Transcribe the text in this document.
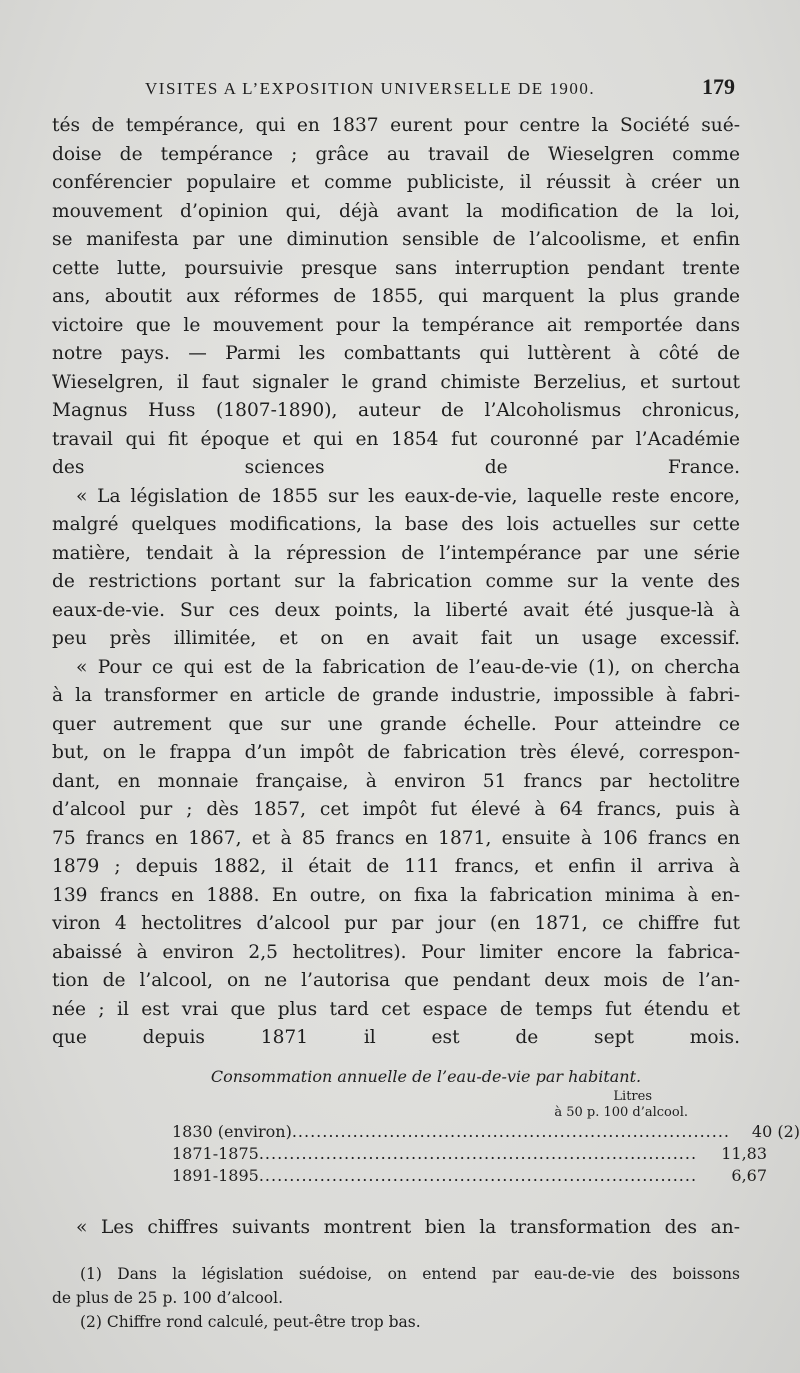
VISITES A L’EXPOSITION UNIVERSELLE DE 1900.	179

tés de tempérance, qui en 1837 eurent pour centre la Société sué-
doise de tempérance ; grâce au travail de Wieselgren comme
conférencier populaire et comme publiciste, il réussit à créer un
mouvement d’opinion qui, déjà avant la modification de la loi,
se manifesta par une diminution sensible de l’alcoolisme, et enfin
cette lutte, poursuivie presque sans interruption pendant trente
ans, aboutit aux réformes de 1855, qui marquent la plus grande
victoire que le mouvement pour la tempérance ait remportée dans
notre pays. — Parmi les combattants qui luttèrent à côté de
Wieselgren, il faut signaler le grand chimiste Berzelius, et surtout
Magnus Huss (1807-1890), auteur de l’Alcoholismus chronicus,
travail qui fit époque et qui en 1854 fut couronné par l’Académie
des sciences de France.

« La législation de 1855 sur les eaux-de-vie, laquelle reste encore,
malgré quelques modifications, la base des lois actuelles sur cette
matière, tendait à la répression de l’intempérance par une série
de restrictions portant sur la fabrication comme sur la vente des
eaux-de-vie. Sur ces deux points, la liberté avait été jusque-là à
peu près illimitée, et on en avait fait un usage excessif.

« Pour ce qui est de la fabrication de l’eau-de-vie (1), on chercha
à la transformer en article de grande industrie, impossible à fabri-
quer autrement que sur une grande échelle. Pour atteindre ce
but, on le frappa d’un impôt de fabrication très élevé, correspon-
dant, en monnaie française, à environ 51 francs par hectolitre
d’alcool pur ; dès 1857, cet impôt fut élevé à 64 francs, puis à
75 francs en 1867, et à 85 francs en 1871, ensuite à 106 francs en
1879 ; depuis 1882, il était de 111 francs, et enfin il arriva à
139 francs en 1888. En outre, on fixa la fabrication minima à en-
viron 4 hectolitres d’alcool pur par jour (en 1871, ce chiffre fut
abaissé à environ 2,5 hectolitres). Pour limiter encore la fabrica-
tion de l’alcool, on ne l’autorisa que pendant deux mois de l’an-
née ; il est vrai que plus tard cet espace de temps fut étendu et
que depuis 1871 il est de sept mois.

Consommation annuelle de l’eau-de-vie par habitant.
Litres
à 50 p. 100 d’alcool.
1830 (environ) ........................................................................	40 (2)
1871-1875 ........................................................................	11,83
1891-1895 ........................................................................	6,67
« Les chiffres suivants montrent bien la transformation des an-
(1) Dans la législation suédoise, on entend par eau-de-vie des boissons
de plus de 25 p. 100 d’alcool.
(2) Chiffre rond calculé, peut-être trop bas.
